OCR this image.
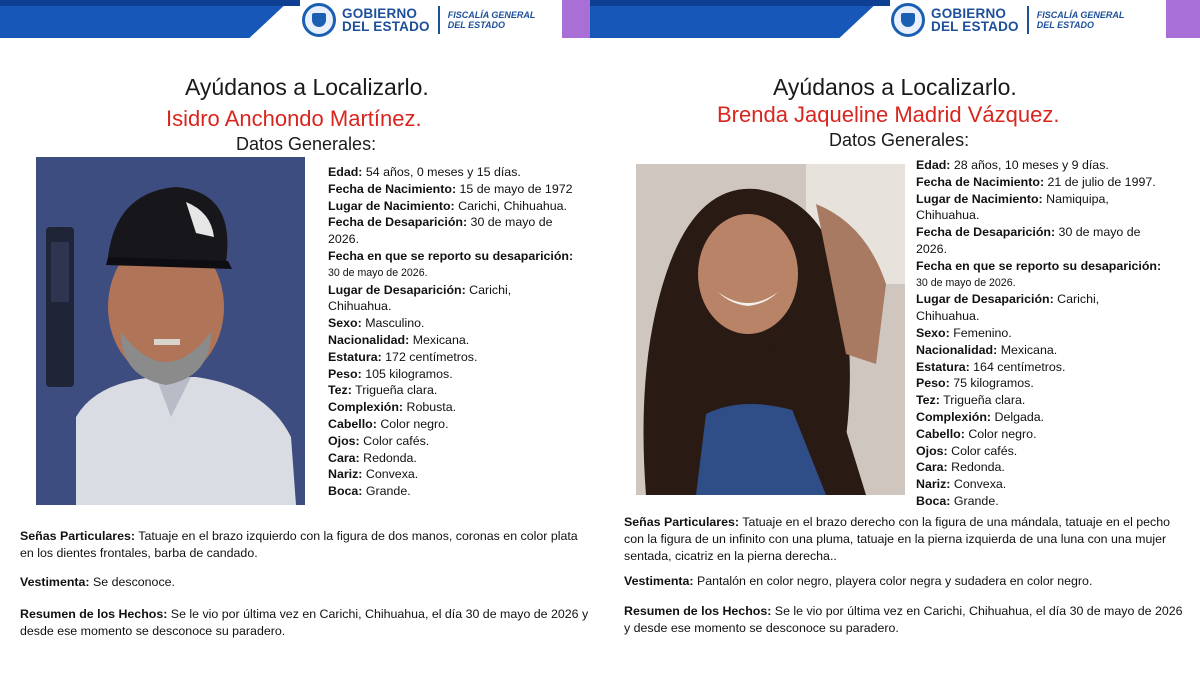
GOBIERNO
DEL ESTADO
FISCALÍA GENERAL
DEL ESTADO
Ayúdanos a Localizarlo.
Isidro Anchondo Martínez.
Datos Generales:
Edad: 54 años, 0 meses y 15 días.
Fecha de Nacimiento: 15 de mayo de 1972
Lugar de Nacimiento: Carichi, Chihuahua.
Fecha de Desaparición: 30 de mayo de
2026.
Fecha en que se reporto su desaparición:
30 de mayo de 2026.
Lugar de Desaparición: Carichi,
Chihuahua.
Sexo: Masculino.
Nacionalidad: Mexicana.
Estatura: 172 centímetros.
Peso: 105 kilogramos.
Tez: Trigueña clara.
Complexión: Robusta.
Cabello: Color negro.
Ojos: Color cafés.
Cara: Redonda.
Nariz: Convexa.
Boca: Grande.
Señas Particulares: Tatuaje en el brazo izquierdo con la figura de dos manos, coronas en color plata en los dientes frontales, barba de candado.
Vestimenta: Se desconoce.
Resumen de los Hechos: Se le vio por última vez en Carichi, Chihuahua, el día 30 de mayo de 2026 y desde ese momento se desconoce su paradero.
GOBIERNO
DEL ESTADO
FISCALÍA GENERAL
DEL ESTADO
Ayúdanos a Localizarlo.
Brenda Jaqueline Madrid Vázquez.
Datos Generales:
Edad: 28 años, 10 meses y 9 días.
Fecha de Nacimiento: 21 de julio de 1997.
Lugar de Nacimiento: Namiquipa,
Chihuahua.
Fecha de Desaparición: 30 de mayo de
2026.
Fecha en que se reporto su desaparición:
30 de mayo de 2026.
Lugar de Desaparición: Carichi,
Chihuahua.
Sexo: Femenino.
Nacionalidad: Mexicana.
Estatura: 164 centímetros.
Peso: 75 kilogramos.
Tez: Trigueña clara.
Complexión: Delgada.
Cabello: Color negro.
Ojos: Color cafés.
Cara: Redonda.
Nariz: Convexa.
Boca: Grande.
Señas Particulares: Tatuaje en el brazo derecho con la figura de una mándala, tatuaje en el pecho con la figura de un infinito con una pluma, tatuaje en la pierna izquierda de una luna con una mujer sentada, cicatriz en la pierna derecha..
Vestimenta: Pantalón en color negro, playera color negra y sudadera en color negro.
Resumen de los Hechos: Se le vio por última vez en Carichi, Chihuahua, el día 30 de mayo de 2026 y desde ese momento se desconoce su paradero.
